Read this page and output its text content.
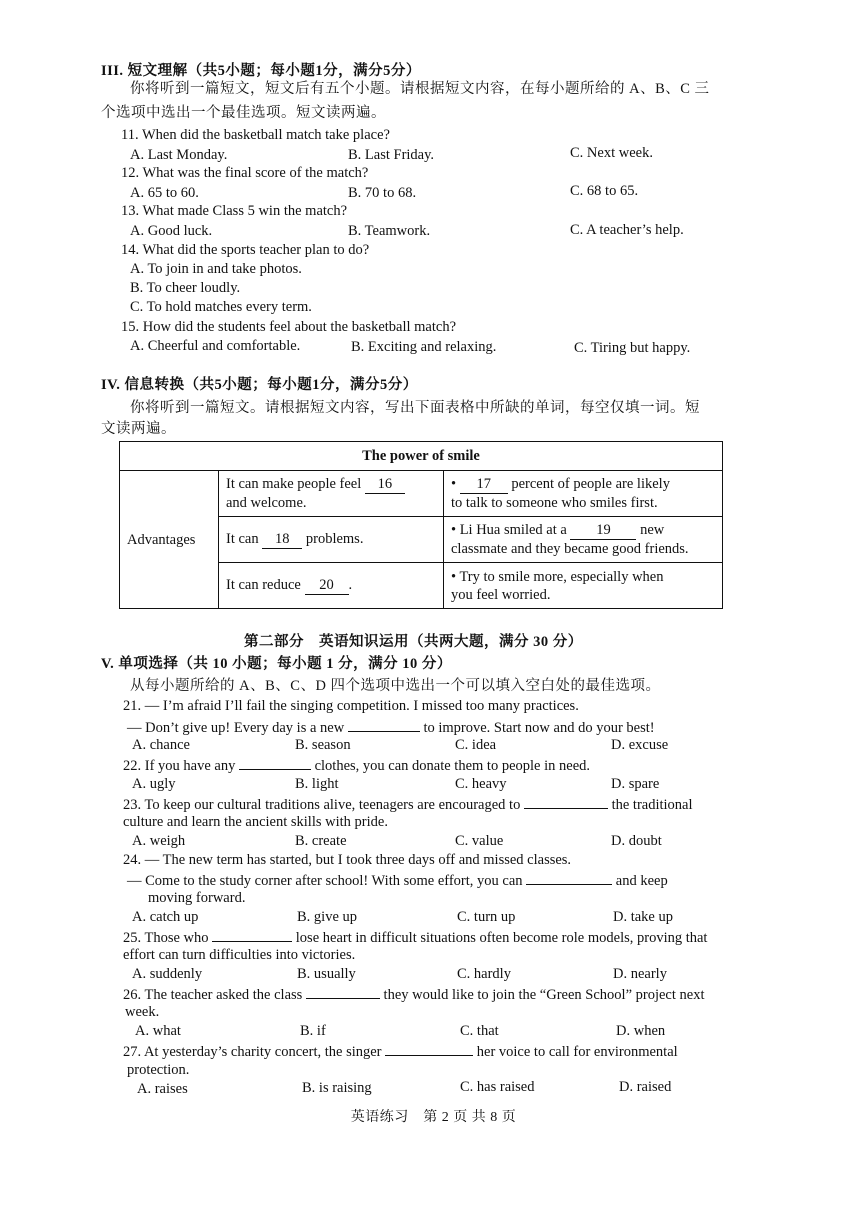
III. 短文理解（共5小题；每小题1分，满分5分）
你将听到一篇短文，短文后有五个小题。请根据短文内容，在每小题所给的 A、B、C 三
个选项中选出一个最佳选项。短文读两遍。
11. When did the basketball match take place?
A. Last Monday.	B. Last Friday.	C. Next week.
12. What was the final score of the match?
A. 65 to 60.	B. 70 to 68.	C. 68 to 65.
13. What made Class 5 win the match?
A. Good luck.	B. Teamwork.	C. A teacher’s help.
14. What did the sports teacher plan to do?
A. To join in and take photos.
B. To cheer loudly.
C. To hold matches every term.
15. How did the students feel about the basketball match?
A. Cheerful and comfortable.	B. Exciting and relaxing.	C. Tiring but happy.
IV. 信息转换（共5小题；每小题1分，满分5分）
你将听到一篇短文。请根据短文内容，写出下面表格中所缺的单词，每空仅填一词。短
文读两遍。
The power of smile		
Advantages	It can make people feel 16
and welcome.	• 17 percent of people are likely
to talk to someone who smiles first.
	It can 18 problems.	• Li Hua smiled at a 19 new
classmate and they became good friends.
	It can reduce 20 .	• Try to smile more, especially when
you feel worried.
第二部分　英语知识运用（共两大题，满分 30 分）
V. 单项选择（共 10 小题；每小题 1 分，满分 10 分）
从每小题所给的 A、B、C、D 四个选项中选出一个可以填入空白处的最佳选项。
21. — I’m afraid I’ll fail the singing competition. I missed too many practices.
— Don’t give up! Every day is a new	to improve. Start now and do your best!
A. chance	B. season	C. idea	D. excuse
22. If you have any	clothes, you can donate them to people in need.
A. ugly	B. light	C. heavy	D. spare
23. To keep our cultural traditions alive, teenagers are encouraged to	the traditional
culture and learn the ancient skills with pride.
A. weigh	B. create	C. value	D. doubt
24. — The new term has started, but I took three days off and missed classes.
— Come to the study corner after school! With some effort, you can	and keep
moving forward.
A. catch up	B. give up	C. turn up	D. take up
25. Those who	lose heart in difficult situations often become role models, proving that
effort can turn difficulties into victories.
A. suddenly	B. usually	C. hardly	D. nearly
26. The teacher asked the class	they would like to join the “Green School” project next
week.
A. what	B. if	C. that	D. when
27. At yesterday’s charity concert, the singer	her voice to call for environmental
protection.
A. raises	B. is raising	C. has raised	D. raised
英语练习　第 2 页 共 8 页
